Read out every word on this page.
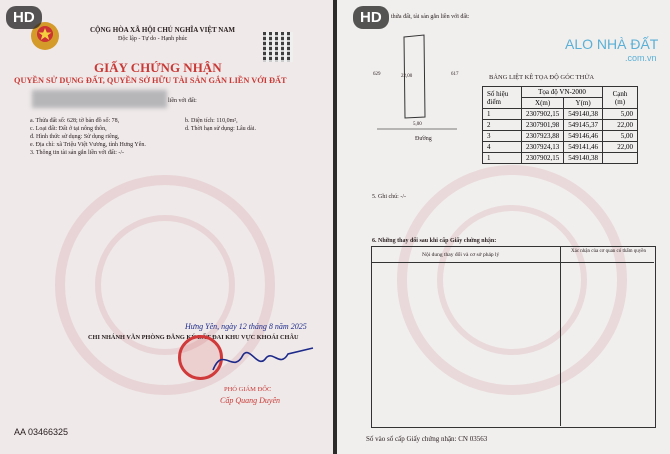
HD
CỘNG HÒA XÃ HỘI CHỦ NGHĨA VIỆT NAM
Độc lập - Tự do - Hạnh phúc
GIẤY CHỨNG NHẬN
QUYỀN SỬ DỤNG ĐẤT, QUYỀN SỞ HỮU TÀI SẢN GẮN LIỀN VỚI ĐẤT
liền với đất:
a. Thửa đất số: 628; tờ bản đồ số: 78,	b. Diện tích: 110,0m²,
c. Loại đất: Đất ở tại nông thôn,	d. Thời hạn sử dụng: Lâu dài.
đ. Hình thức sử dụng: Sử dụng riêng,
e. Địa chỉ: xã Triệu Việt Vương, tỉnh Hưng Yên.
3. Thông tin tài sản gắn liền với đất: -/-
Hưng Yên, ngày 12 tháng 8 năm 2025
CHI NHÁNH VĂN PHÒNG ĐĂNG KÝ ĐẤT ĐAI KHU VỰC KHOÁI CHÂU
PHÓ GIÁM ĐỐC
Cấp Quang Duyên
AA 03466325
HD	thửa đất, tài sản gắn liền với đất:
629	617
22,00
5,00
Đường
ALO NHÀ ĐẤT
.com.vn
BẢNG LIỆT KÊ TỌA ĐỘ GÓC THỬA
Số hiệu điểm	Tọa độ VN-2000		Cạnh (m)
	X(m)	Y(m)	
1	2307902,15	549140,38	5,00
2	2307901,98	549145,37	22,00
3	2307923,88	549146,46	5,00
4	2307924,13	549141,46	22,00
1	2307902,15	549140,38	
5. Ghi chú: -/-
6. Những thay đổi sau khi cấp Giấy chứng nhận:
Nội dung thay đổi và cơ sở pháp lý
Xác nhận của cơ quan có thẩm quyền
Số vào sổ cấp Giấy chứng nhận: CN 03563
